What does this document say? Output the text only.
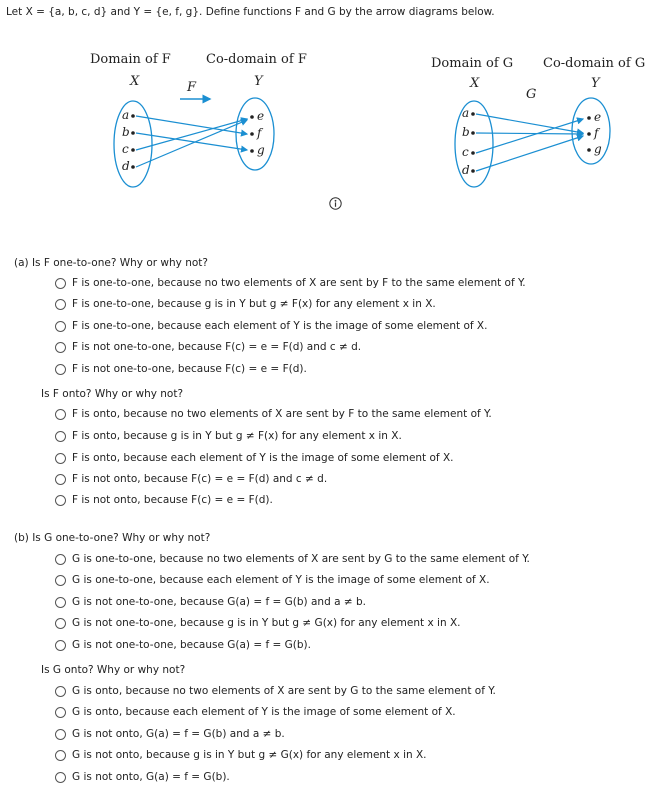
Let X = {a, b, c, d} and Y = {e, f, g}. Define functions F and G by the arrow diagrams below.
Domain of F	Co-domain of F
X	Y
F
a
b
c
d
e
f
g
Domain of G Co-domain of G
X	Y
G
a
b
c
d
e
f
g
(a) Is F one-to-one? Why or why not?
F is one-to-one, because no two elements of X are sent by F to the same element of Y.
F is one-to-one, because g is in Y but g ≠ F(x) for any element x in X.
F is one-to-one, because each element of Y is the image of some element of X.
F is not one-to-one, because F(c) = e = F(d) and c ≠ d.
F is not one-to-one, because F(c) = e = F(d).
Is F onto? Why or why not?
F is onto, because no two elements of X are sent by F to the same element of Y.
F is onto, because g is in Y but g ≠ F(x) for any element x in X.
F is onto, because each element of Y is the image of some element of X.
F is not onto, because F(c) = e = F(d) and c ≠ d.
F is not onto, because F(c) = e = F(d).
(b) Is G one-to-one? Why or why not?
G is one-to-one, because no two elements of X are sent by G to the same element of Y.
G is one-to-one, because each element of Y is the image of some element of X.
G is not one-to-one, because G(a) = f = G(b) and a ≠ b.
G is not one-to-one, because g is in Y but g ≠ G(x) for any element x in X.
G is not one-to-one, because G(a) = f = G(b).
Is G onto? Why or why not?
G is onto, because no two elements of X are sent by G to the same element of Y.
G is onto, because each element of Y is the image of some element of X.
G is not onto, G(a) = f = G(b) and a ≠ b.
G is not onto, because g is in Y but g ≠ G(x) for any element x in X.
G is not onto, G(a) = f = G(b).
